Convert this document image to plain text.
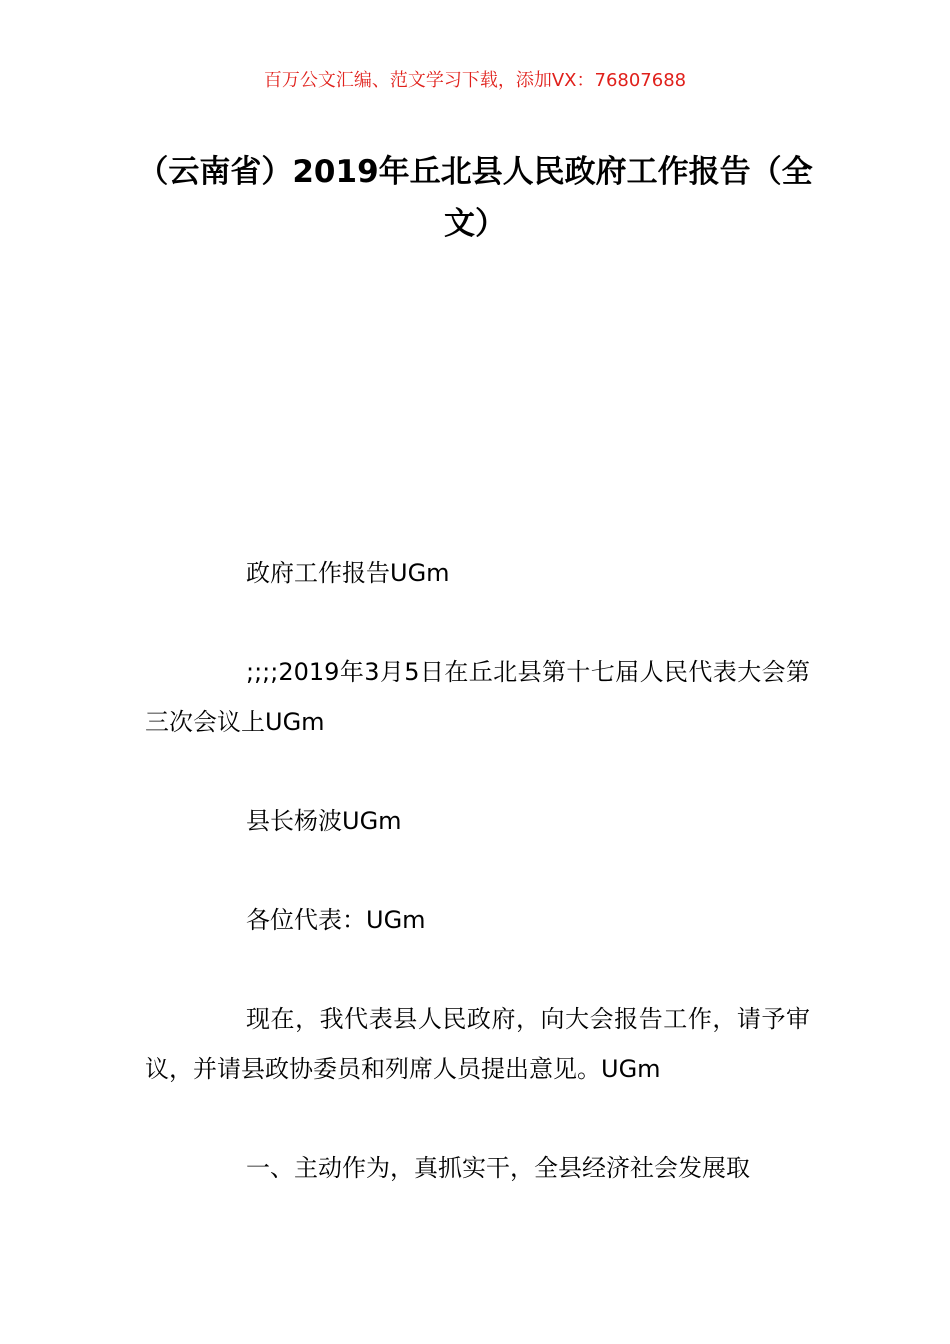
百万公文汇编、范文学习下载，添加VX：76807688
（云南省）2019年丘北县人民政府工作报告（全文）

政府工作报告UGm

;;;;2019年3月5日在丘北县第十七届人民代表大会第三次会议上UGm

县长杨波UGm

各位代表：UGm

现在，我代表县人民政府，向大会报告工作，请予审议，并请县政协委员和列席人员提出意见。UGm

一、主动作为，真抓实干，全县经济社会发展取
